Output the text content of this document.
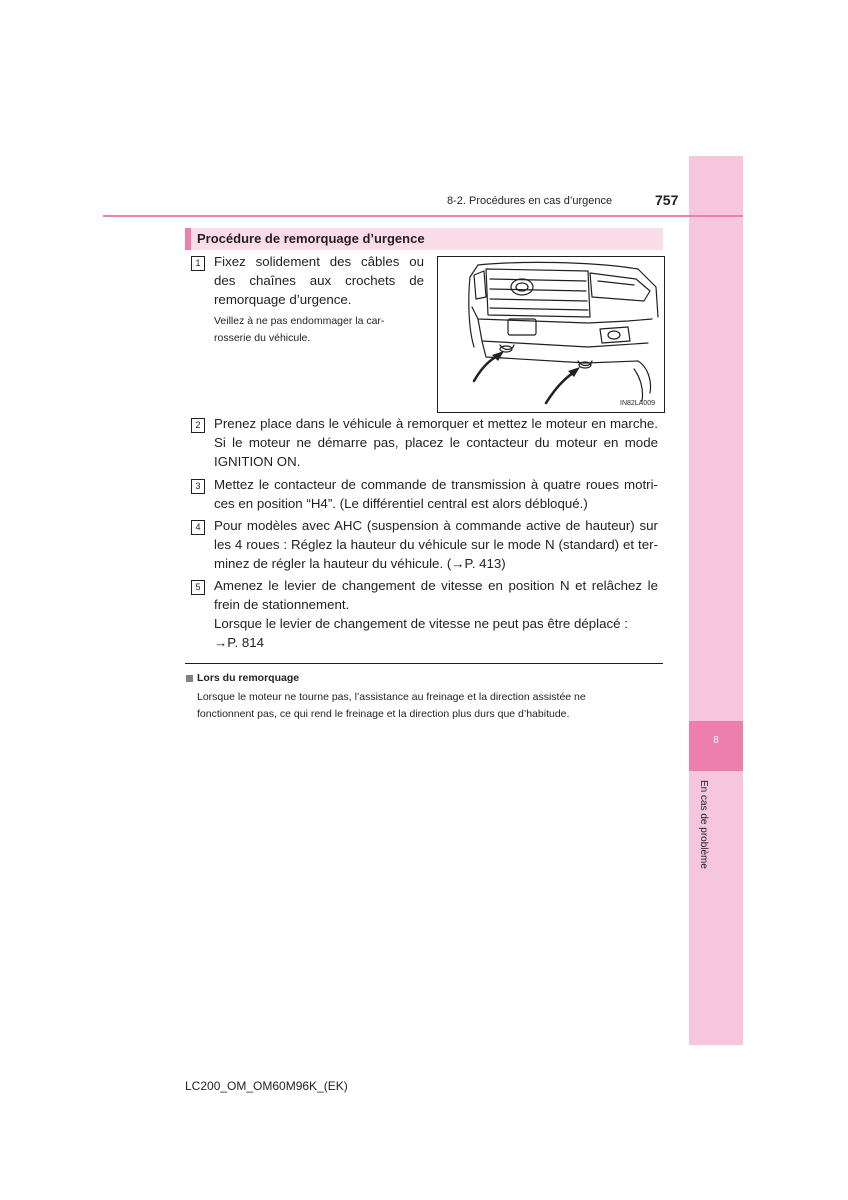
8
En cas de problème
8-2. Procédures en cas d’urgence	757
Procédure de remorquage d’urgence
1	Fixez solidement des câbles ou
des chaînes aux crochets de
remorquage d’urgence.
Veillez à ne pas endommager la car-
rosserie du véhicule.
IN82LA009
2	Prenez place dans le véhicule à remorquer et mettez le moteur en marche.
Si le moteur ne démarre pas, placez le contacteur du moteur en mode
IGNITION ON.
3	Mettez le contacteur de commande de transmission à quatre roues motri-
ces en position “H4”. (Le différentiel central est alors débloqué.)
4	Pour modèles avec AHC (suspension à commande active de hauteur) sur
les 4 roues : Réglez la hauteur du véhicule sur le mode N (standard) et ter-
minez de régler la hauteur du véhicule. (→P. 413)
5	Amenez le levier de changement de vitesse en position N et relâchez le
frein de stationnement.
Lorsque le levier de changement de vitesse ne peut pas être déplacé :
→P. 814
Lors du remorquage
Lorsque le moteur ne tourne pas, l’assistance au freinage et la direction assistée ne
fonctionnent pas, ce qui rend le freinage et la direction plus durs que d’habitude.
LC200_OM_OM60M96K_(EK)
